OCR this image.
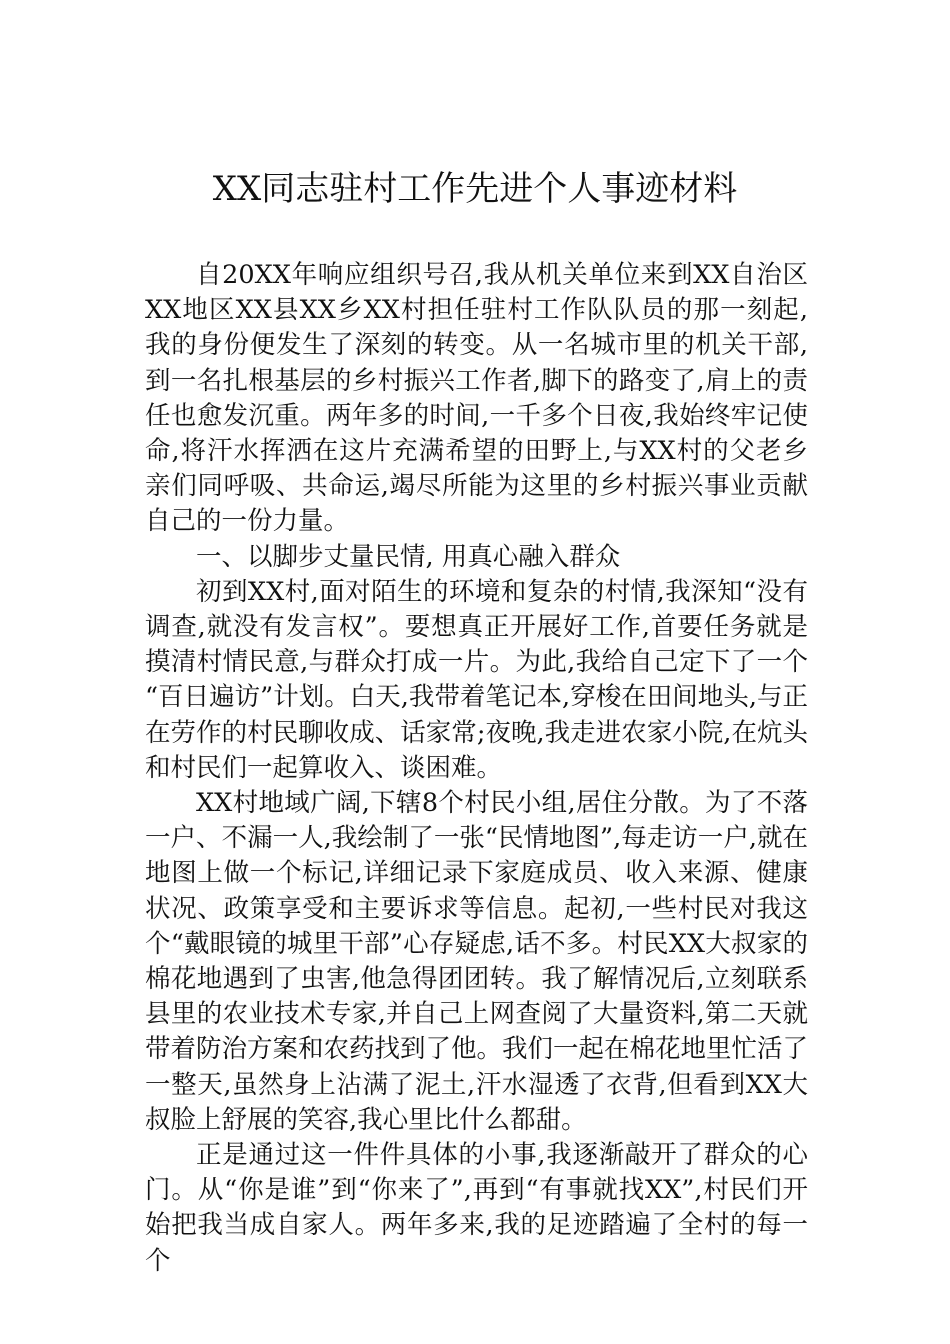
XX同志驻村工作先进个人事迹材料

自20XX年响应组织号召,我从机关单位来到XX自治区XX地区XX县XX乡XX村担任驻村工作队队员的那一刻起,我的身份便发生了深刻的转变。从一名城市里的机关干部,到一名扎根基层的乡村振兴工作者,脚下的路变了,肩上的责任也愈发沉重。两年多的时间,一千多个日夜,我始终牢记使命,将汗水挥洒在这片充满希望的田野上,与XX村的父老乡亲们同呼吸、共命运,竭尽所能为这里的乡村振兴事业贡献自己的一份力量。

一、以脚步丈量民情, 用真心融入群众

初到XX村,面对陌生的环境和复杂的村情,我深知“没有调查,就没有发言权”。要想真正开展好工作,首要任务就是摸清村情民意,与群众打成一片。为此,我给自己定下了一个“百日遍访”计划。白天,我带着笔记本,穿梭在田间地头,与正在劳作的村民聊收成、话家常;夜晚,我走进农家小院,在炕头和村民们一起算收入、谈困难。

XX村地域广阔,下辖8个村民小组,居住分散。为了不落一户、不漏一人,我绘制了一张“民情地图”,每走访一户,就在地图上做一个标记,详细记录下家庭成员、收入来源、健康状况、政策享受和主要诉求等信息。起初,一些村民对我这个“戴眼镜的城里干部”心存疑虑,话不多。村民XX大叔家的棉花地遇到了虫害,他急得团团转。我了解情况后,立刻联系县里的农业技术专家,并自己上网查阅了大量资料,第二天就带着防治方案和农药找到了他。我们一起在棉花地里忙活了一整天,虽然身上沾满了泥土,汗水湿透了衣背,但看到XX大叔脸上舒展的笑容,我心里比什么都甜。

正是通过这一件件具体的小事,我逐渐敲开了群众的心门。从“你是谁”到“你来了”,再到“有事就找XX”,村民们开始把我当成自家人。两年多来,我的足迹踏遍了全村的每一个
